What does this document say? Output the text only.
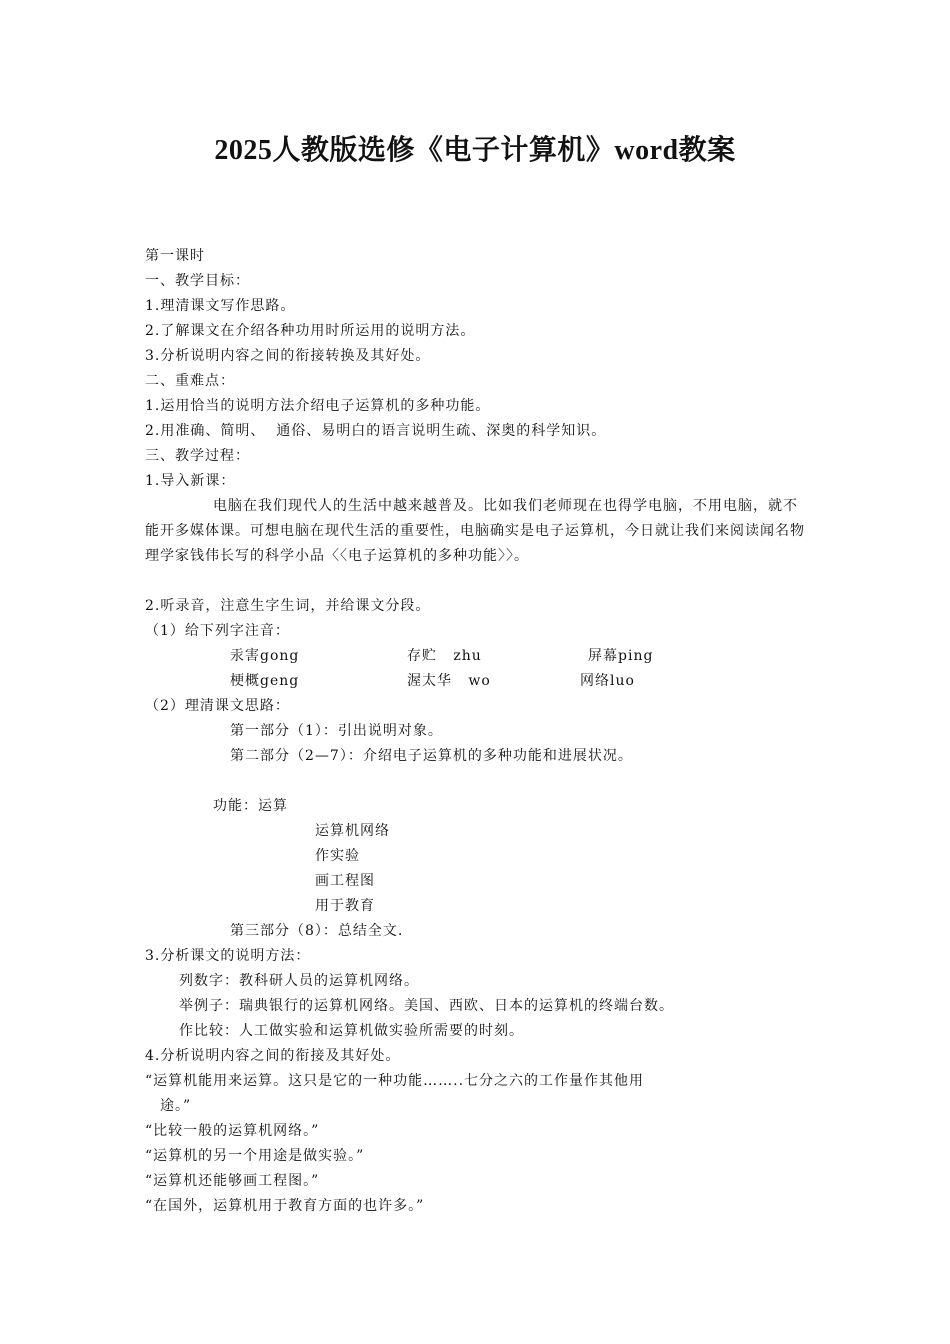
2025人教版选修《电子计算机》word教案
第一课时
一、教学目标：
1.理清课文写作思路。
2.了解课文在介绍各种功用时所运用的说明方法。
3.分析说明内容之间的衔接转换及其好处。
二、重难点：
1.运用恰当的说明方法介绍电子运算机的多种功能。
2.用准确、简明、  通俗、易明白的语言说明生疏、深奥的科学知识。
三、教学过程：
1.导入新课：
电脑在我们现代人的生活中越来越普及。比如我们老师现在也得学电脑，不用电脑，就不能开多媒体课。可想电脑在现代生活的重要性，电脑确实是电子运算机，今日就让我们来阅读闻名物理学家钱伟长写的科学小品〈〈电子运算机的多种功能〉〉。
2.听录音，注意生字生词，并给课文分段。
（1）给下列字注音：
汞害gong	存贮   zhu	屏幕ping
梗概geng	渥太华   wo	网络luo
（2）理清课文思路：
第一部分（1）：引出说明对象。
第二部分（2—7）：介绍电子运算机的多种功能和进展状况。
功能：运算
运算机网络
作实验
画工程图
用于教育
第三部分（8）：总结全文.
3.分析课文的说明方法：
列数字：教科研人员的运算机网络。
举例子：瑞典银行的运算机网络。美国、西欧、日本的运算机的终端台数。
作比较：人工做实验和运算机做实验所需要的时刻。
4.分析说明内容之间的衔接及其好处。
“运算机能用来运算。这只是它的一种功能……..七分之六的工作量作其他用
途。”
“比较一般的运算机网络。”
“运算机的另一个用途是做实验。”
“运算机还能够画工程图。”
“在国外，运算机用于教育方面的也许多。”
